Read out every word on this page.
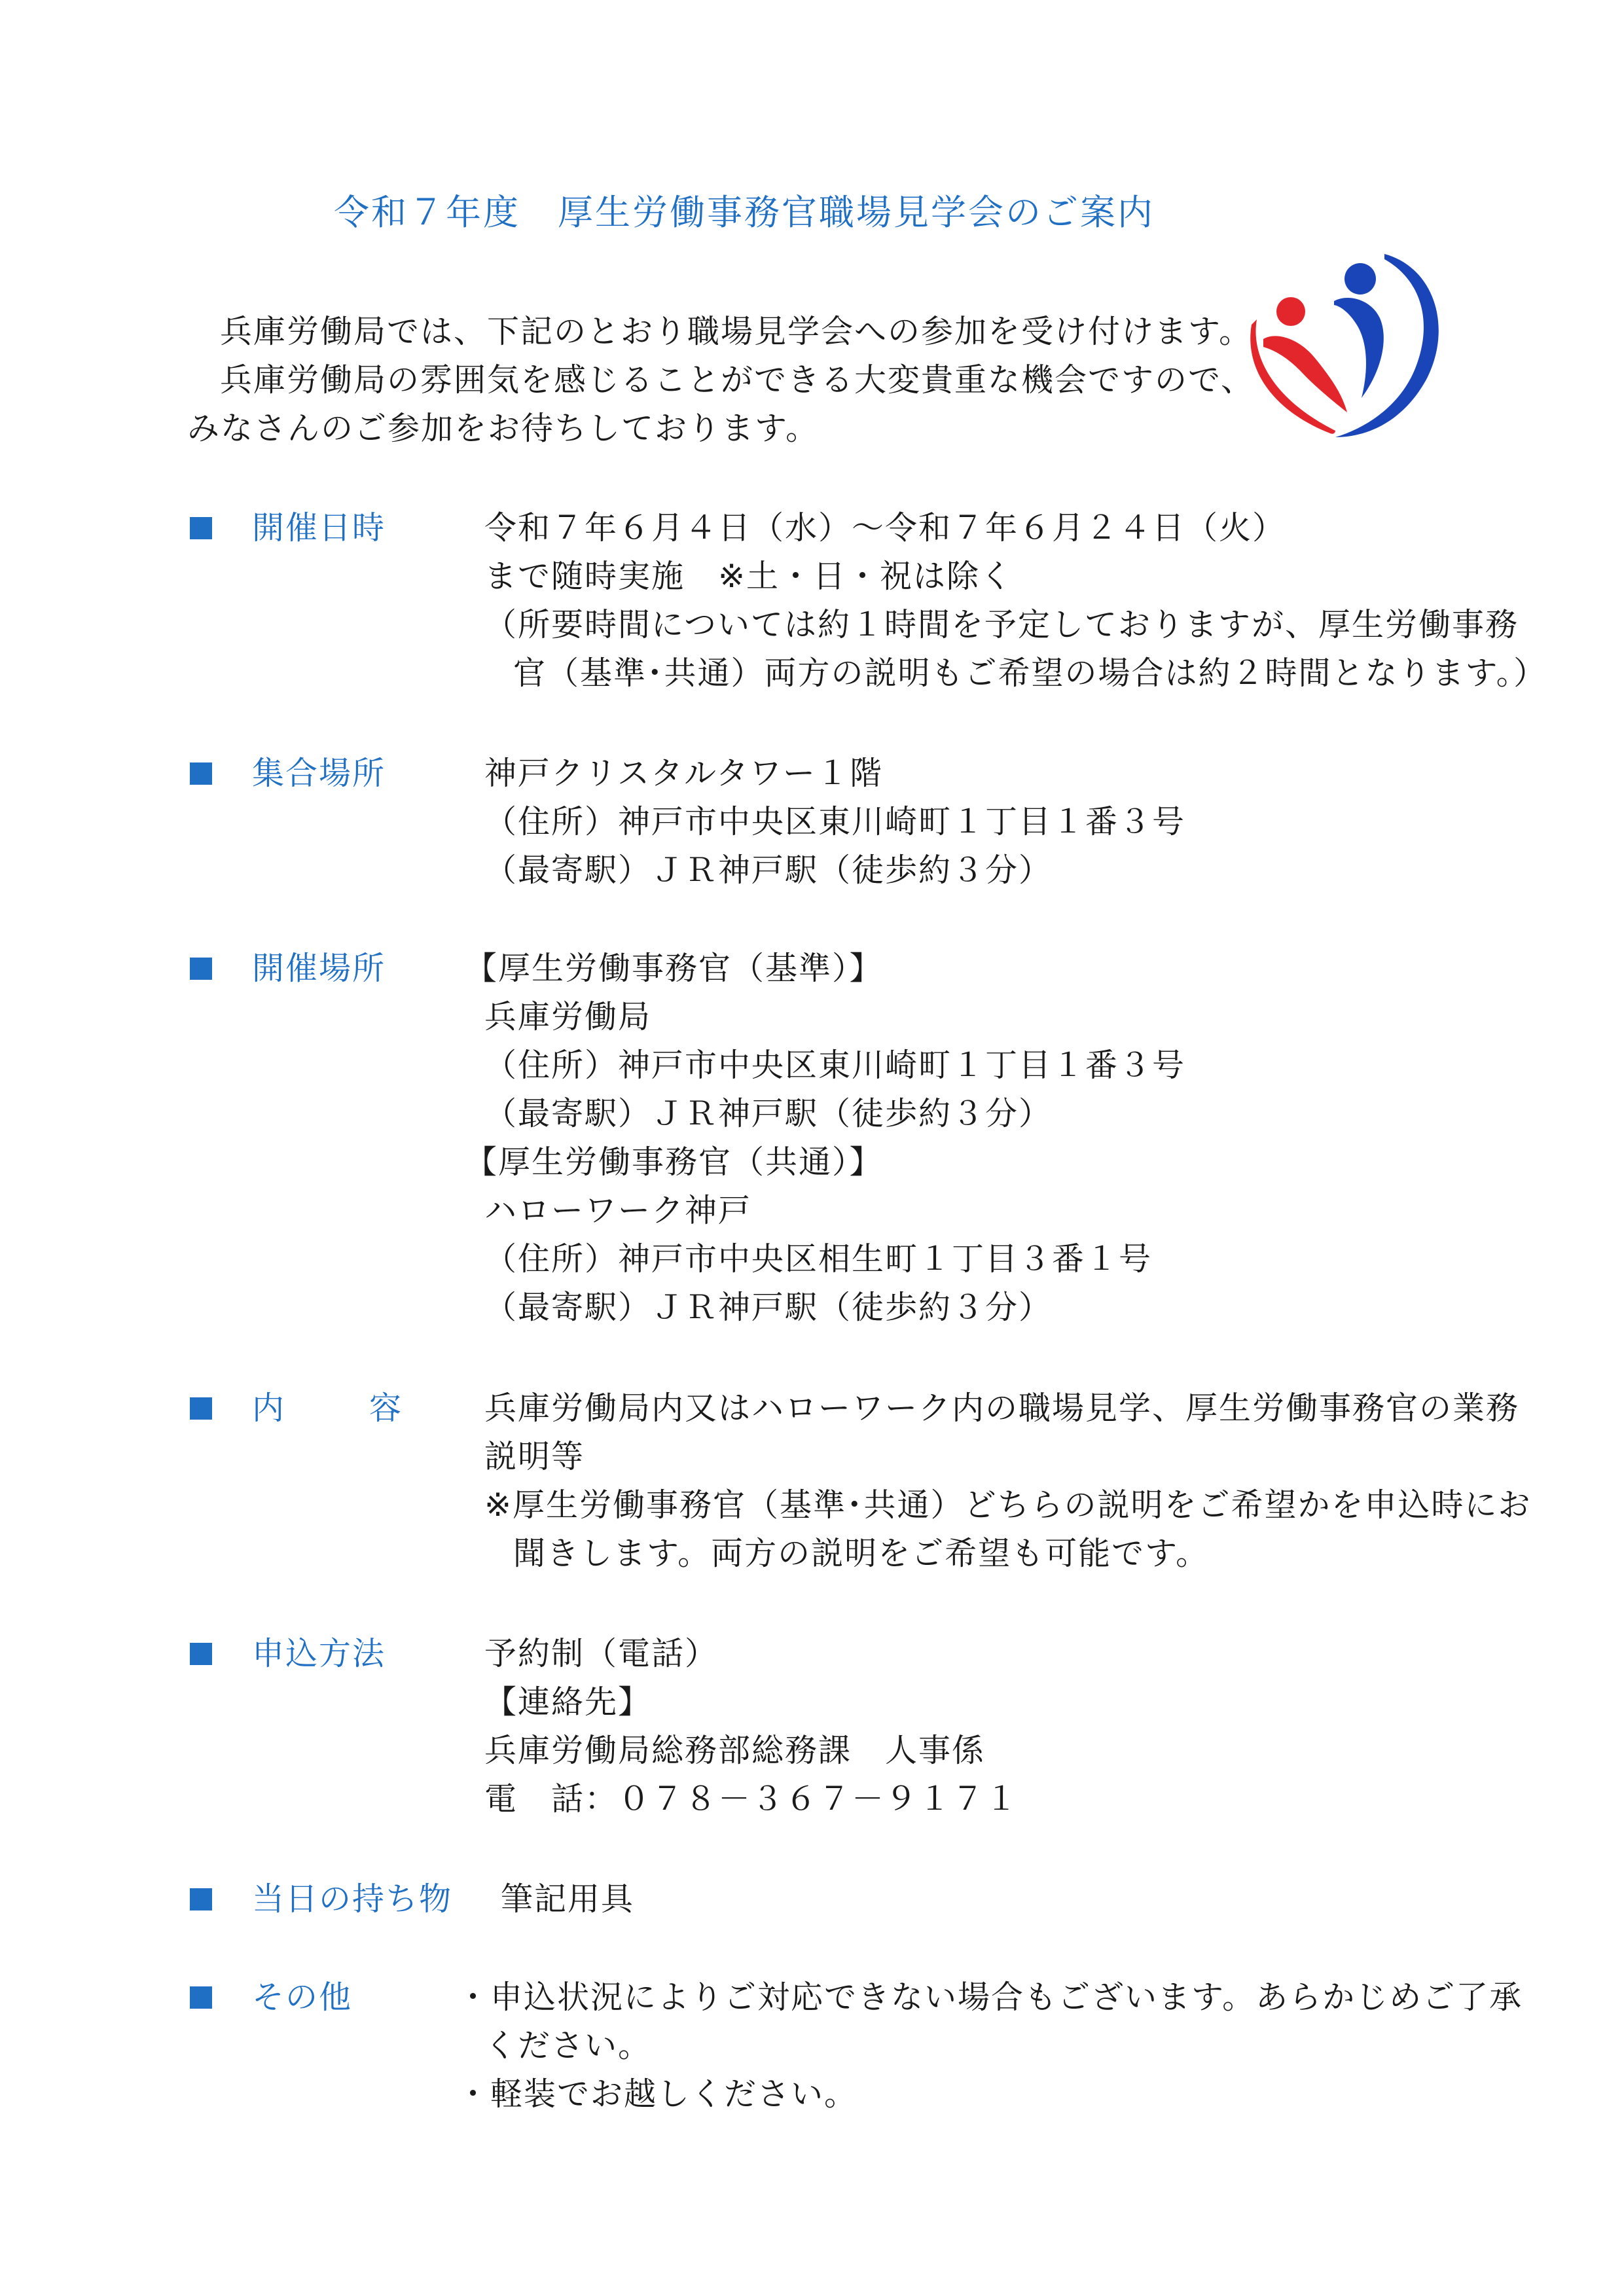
令和７年度　厚生労働事務官職場見学会のご案内
兵庫労働局では、下記のとおり職場見学会への参加を受け付けます。
兵庫労働局の雰囲気を感じることができる大変貴重な機会ですので、
みなさんのご参加をお待ちしております。
開催日時	令和７年６月４日（水）～令和７年６月２４日（火）
まで随時実施　※土・日・祝は除く
（所要時間については約１時間を予定しておりますが、厚生労働事務
官（基準･共通）両方の説明もご希望の場合は約２時間となります。）
集合場所	神戸クリスタルタワー１階
（住所）神戸市中央区東川崎町１丁目１番３号
（最寄駅）ＪＲ神戸駅（徒歩約３分）
開催場所 【厚生労働事務官（基準）】
兵庫労働局
（住所）神戸市中央区東川崎町１丁目１番３号
（最寄駅）ＪＲ神戸駅（徒歩約３分）
【厚生労働事務官（共通）】
ハローワーク神戸
（住所）神戸市中央区相生町１丁目３番１号
（最寄駅）ＪＲ神戸駅（徒歩約３分）
内	容	兵庫労働局内又はハローワーク内の職場見学、厚生労働事務官の業務
説明等
※厚生労働事務官（基準･共通）どちらの説明をご希望かを申込時にお
聞きします。両方の説明をご希望も可能です。
申込方法	予約制（電話）
【連絡先】
兵庫労働局総務部総務課　人事係
電　話：０７８－３６７－９１７１
当日の持ち物 筆記用具
その他	・申込状況によりご対応できない場合もございます。あらかじめご了承
ください。
・軽装でお越しください。
